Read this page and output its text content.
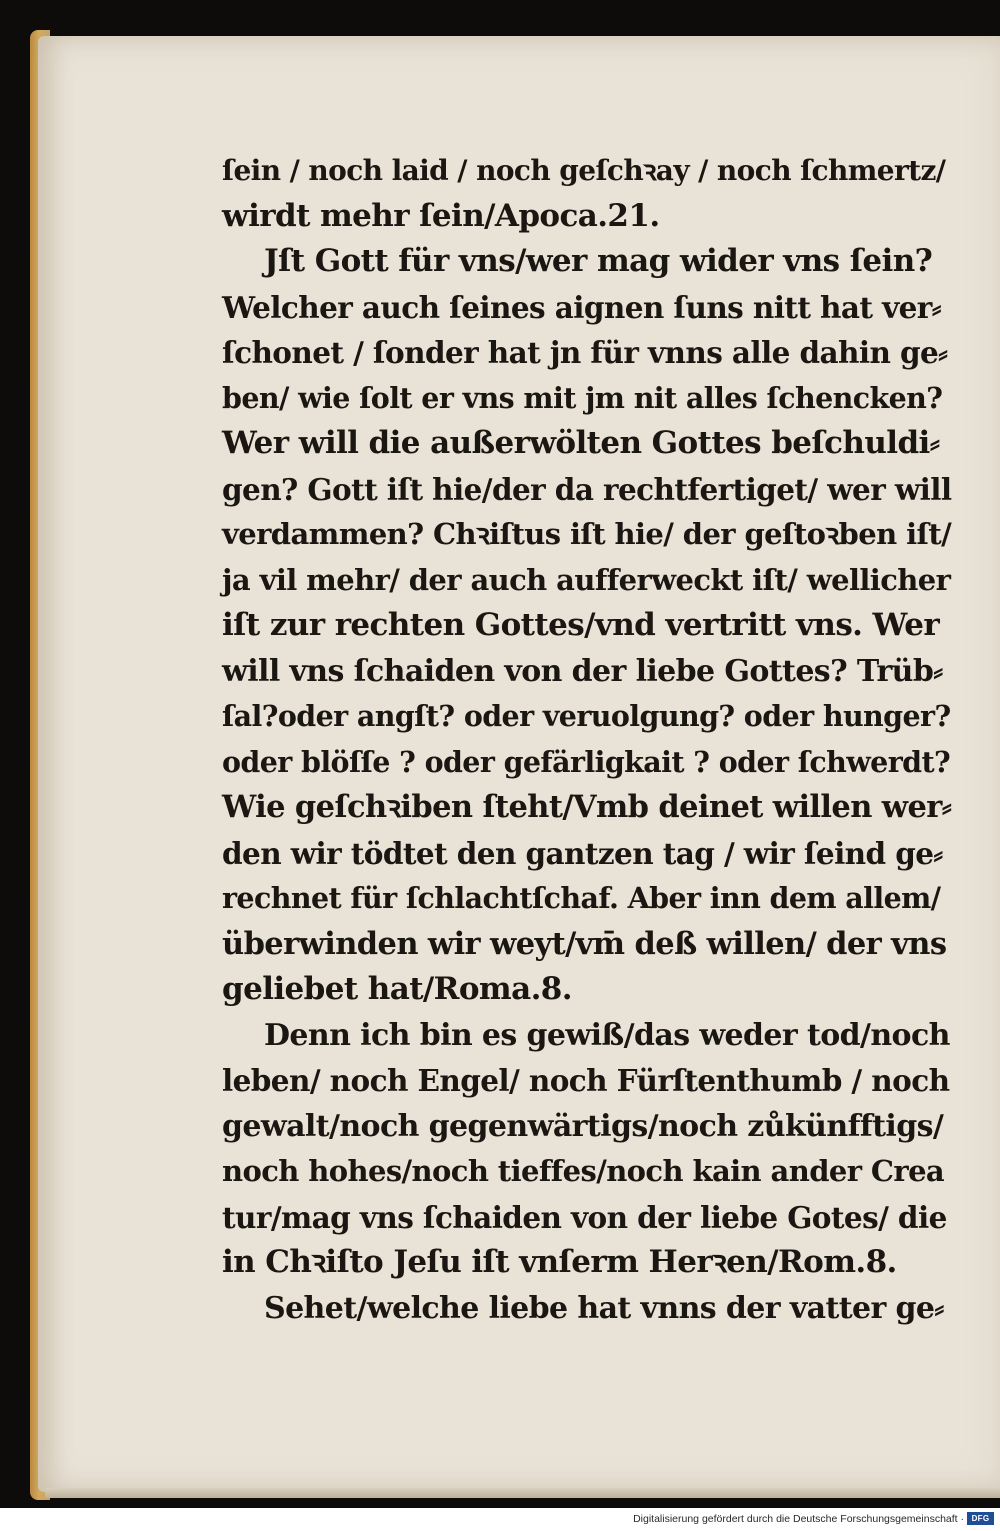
ſein / noch laid / noch geſchꝛay / noch ſchmertz/
wirdt mehr ſein/Apoca.21.
Jſt Gott für vns/wer mag wider vns ſein?
Welcher auch ſeines aignen ſuns nitt hat ver⸗
ſchonet / ſonder hat jn für vnns alle dahin ge⸗
ben/ wie ſolt er vns mit jm nit alles ſchencken?
Wer will die außerwölten Gottes beſchuldi⸗
gen? Gott iſt hie/der da rechtfertiget/ wer will
verdammen? Chꝛiſtus iſt hie/ der geſtoꝛben iſt/
ja vil mehr/ der auch aufferweckt iſt/ wellicher
iſt zur rechten Gottes/vnd vertritt vns. Wer
will vns ſchaiden von der liebe Gottes? Trüb⸗
ſal?oder angſt? oder veruolgung? oder hunger?
oder blöſſe ? oder gefärligkait ? oder ſchwerdt?
Wie geſchꝛiben ſteht/Vmb deinet willen wer⸗
den wir tödtet den gantzen tag / wir ſeind ge⸗
rechnet für ſchlachtſchaf. Aber inn dem allem/
überwinden wir weyt/vm̄ deß willen/ der vns
geliebet hat/Roma.8.
Denn ich bin es gewiß/das weder tod/noch
leben/ noch Engel/ noch Fürſtenthumb / noch
gewalt/noch gegenwärtigs/noch zůkünfftigs/
noch hohes/noch tieffes/noch kain ander Crea
tur/mag vns ſchaiden von der liebe Gotes/ die
in Chꝛiſto Jeſu iſt vnſerm Herꝛen/Rom.8.
Sehet/welche liebe hat vnns der vatter ge⸗
Digitalisierung gefördert durch die Deutsche Forschungsgemeinschaft · DFG
